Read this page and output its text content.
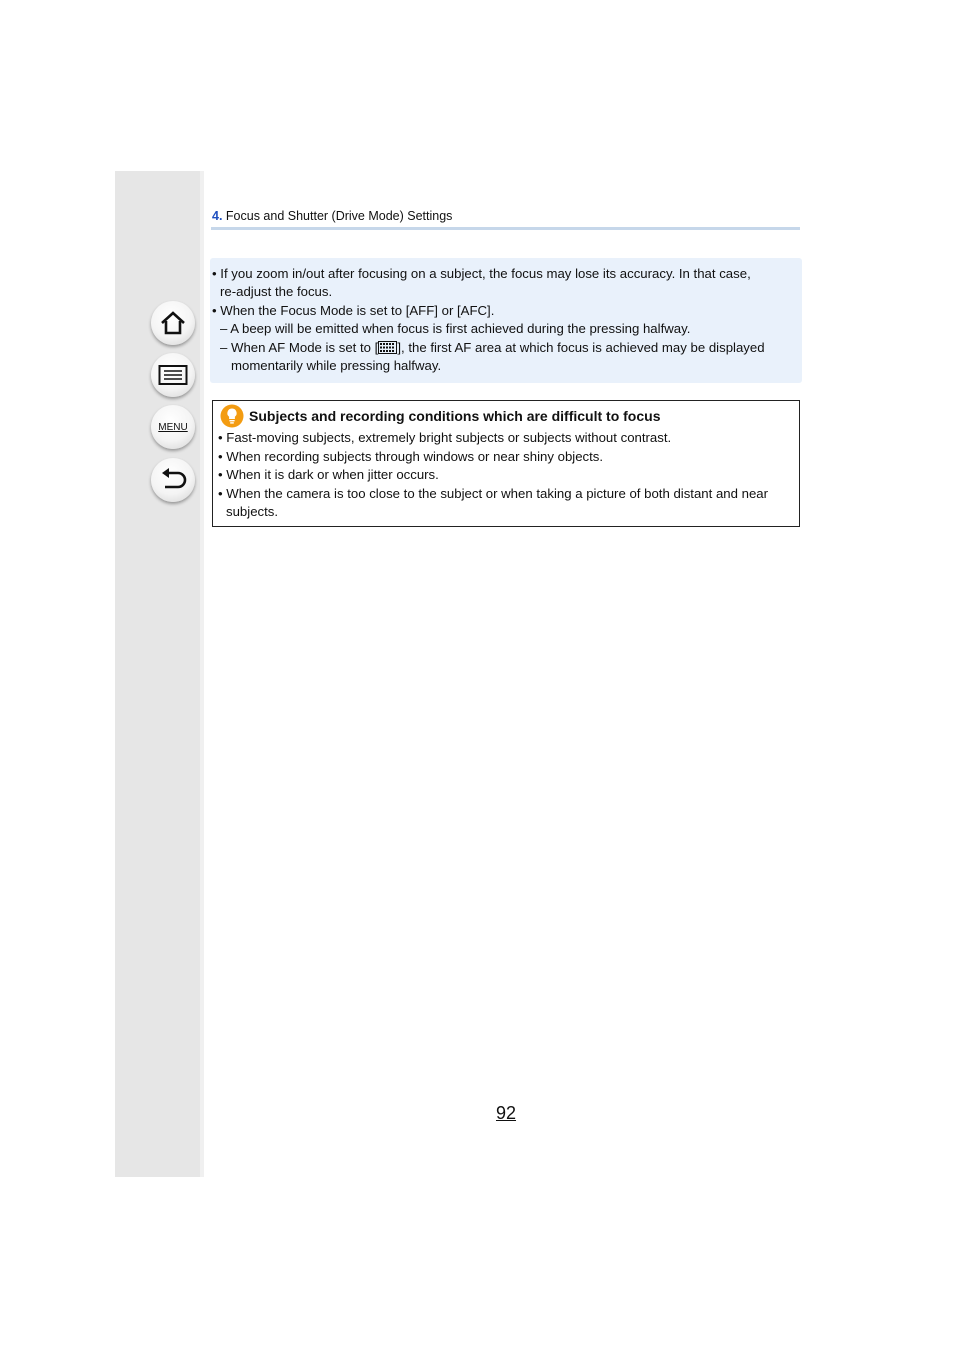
MENU
4. Focus and Shutter (Drive Mode) Settings
• If you zoom in/out after focusing on a subject, the focus may lose its accuracy. In that case,
re-adjust the focus.
• When the Focus Mode is set to [AFF] or [AFC].
– A beep will be emitted when focus is first achieved during the pressing halfway.
– When AF Mode is set to [ ], the first AF area at which focus is achieved may be displayed
momentarily while pressing halfway.
Subjects and recording conditions which are difficult to focus
• Fast-moving subjects, extremely bright subjects or subjects without contrast.
• When recording subjects through windows or near shiny objects.
• When it is dark or when jitter occurs.
• When the camera is too close to the subject or when taking a picture of both distant and near
subjects.
92
